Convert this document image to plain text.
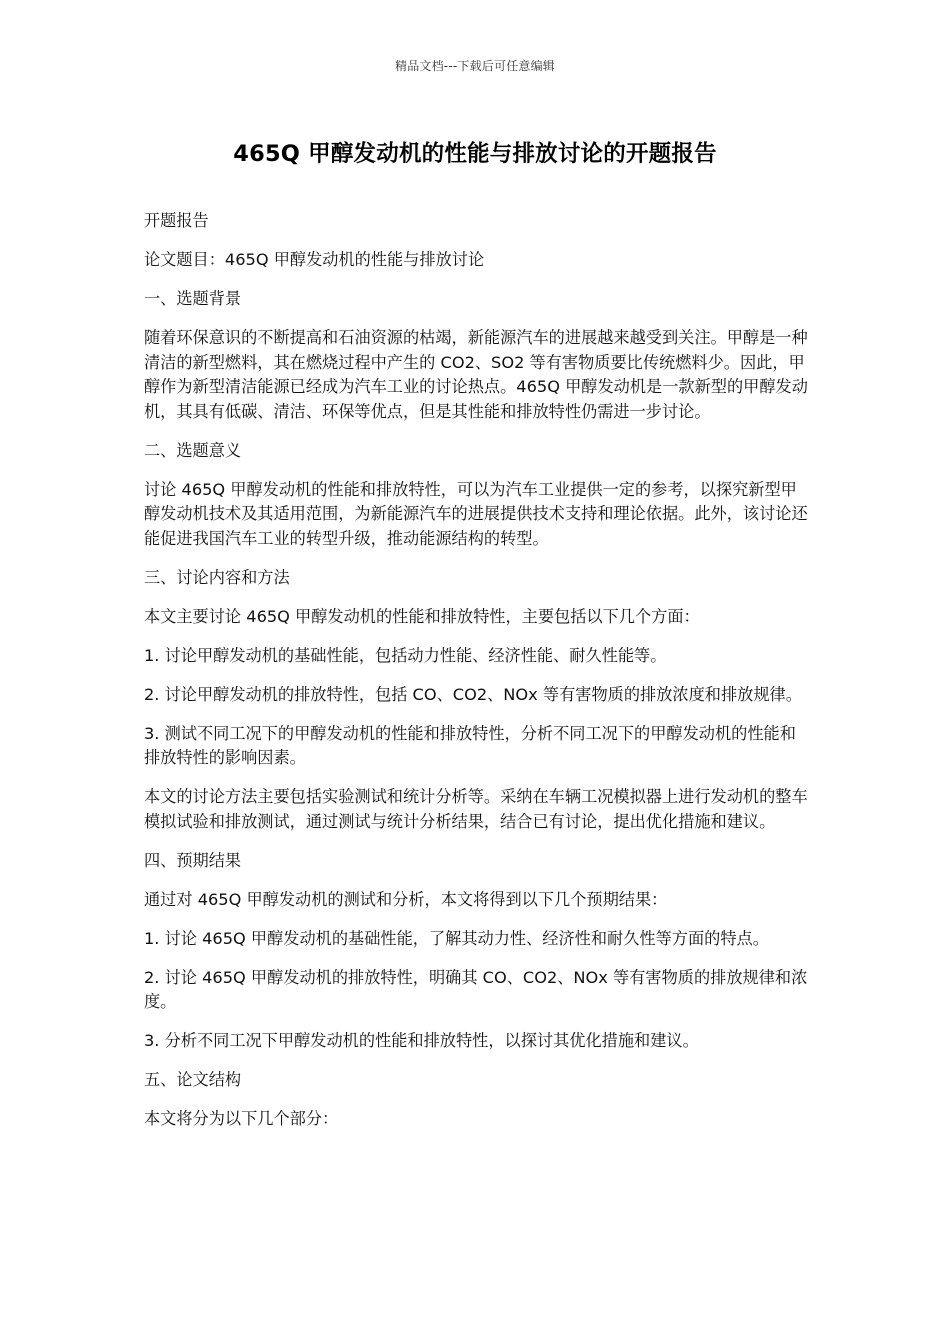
精品文档---下载后可任意编辑
465Q 甲醇发动机的性能与排放讨论的开题报告

开题报告

论文题目：465Q 甲醇发动机的性能与排放讨论

一、选题背景

随着环保意识的不断提高和石油资源的枯竭，新能源汽车的进展越来越受到关注。甲醇是一种清洁的新型燃料，其在燃烧过程中产生的 CO2、SO2 等有害物质要比传统燃料少。因此，甲醇作为新型清洁能源已经成为汽车工业的讨论热点。465Q 甲醇发动机是一款新型的甲醇发动机，其具有低碳、清洁、环保等优点，但是其性能和排放特性仍需进一步讨论。

二、选题意义

讨论 465Q 甲醇发动机的性能和排放特性，可以为汽车工业提供一定的参考，以探究新型甲醇发动机技术及其适用范围，为新能源汽车的进展提供技术支持和理论依据。此外，该讨论还能促进我国汽车工业的转型升级，推动能源结构的转型。

三、讨论内容和方法

本文主要讨论 465Q 甲醇发动机的性能和排放特性，主要包括以下几个方面：

1. 讨论甲醇发动机的基础性能，包括动力性能、经济性能、耐久性能等。

2. 讨论甲醇发动机的排放特性，包括 CO、CO2、NOx 等有害物质的排放浓度和排放规律。

3. 测试不同工况下的甲醇发动机的性能和排放特性，分析不同工况下的甲醇发动机的性能和排放特性的影响因素。

本文的讨论方法主要包括实验测试和统计分析等。采纳在车辆工况模拟器上进行发动机的整车模拟试验和排放测试，通过测试与统计分析结果，结合已有讨论，提出优化措施和建议。

四、预期结果

通过对 465Q 甲醇发动机的测试和分析，本文将得到以下几个预期结果：

1. 讨论 465Q 甲醇发动机的基础性能，了解其动力性、经济性和耐久性等方面的特点。

2. 讨论 465Q 甲醇发动机的排放特性，明确其 CO、CO2、NOx 等有害物质的排放规律和浓度。

3. 分析不同工况下甲醇发动机的性能和排放特性，以探讨其优化措施和建议。

五、论文结构

本文将分为以下几个部分：
